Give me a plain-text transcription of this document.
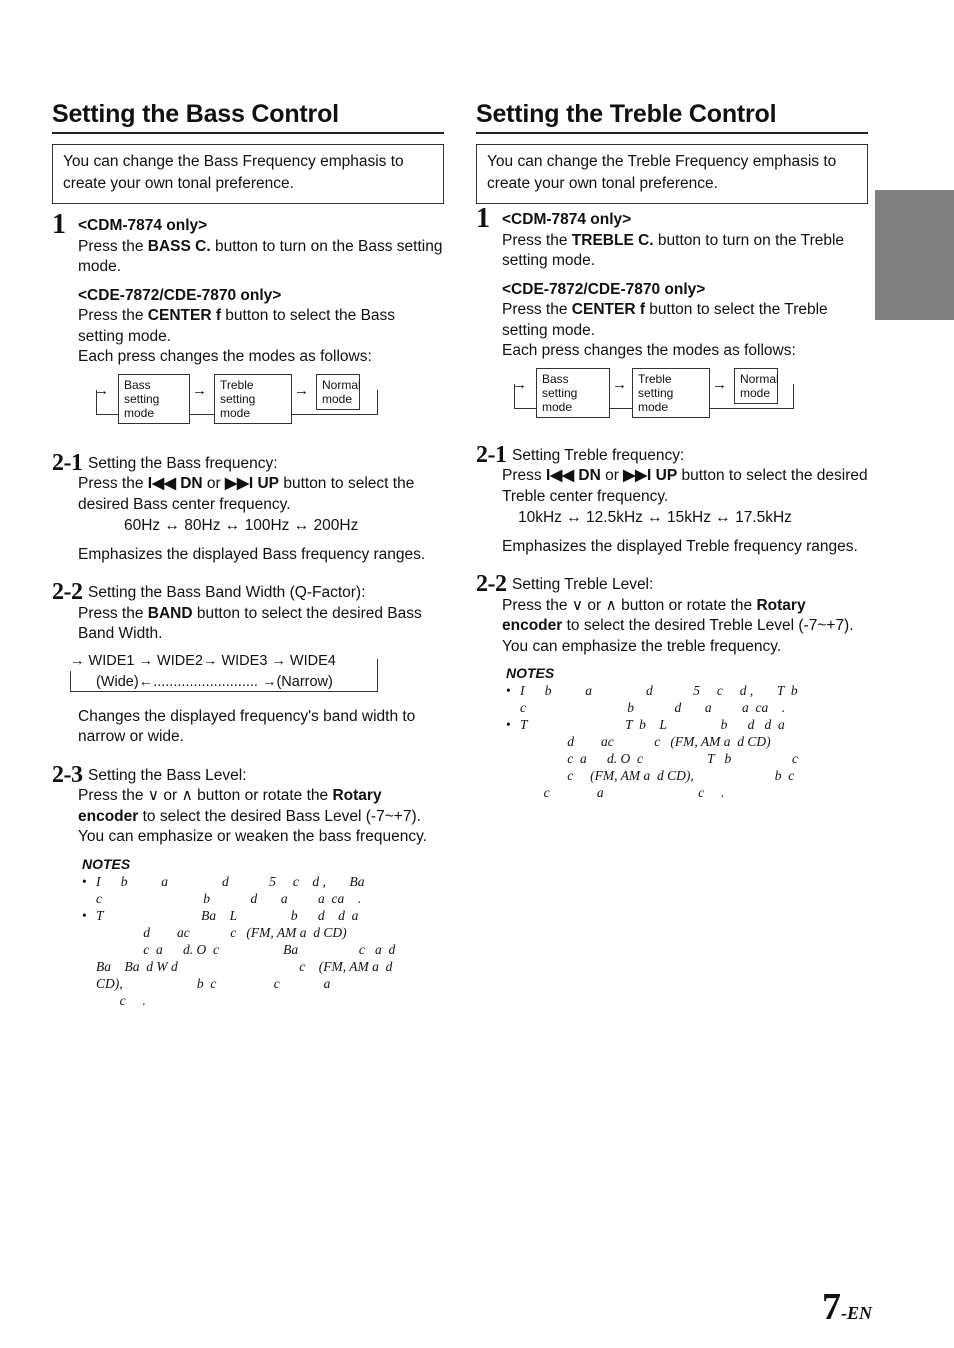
Setting the Bass Control
You can change the Bass Frequency emphasis to create your own tonal preference.
1 <CDM-7874 only>
Press the BASS C. button to turn on the Bass setting mode.
<CDE-7872/CDE-7870 only>
Press the CENTER f button to select the Bass setting mode.
Each press changes the modes as follows:
→	Bass setting mode
→	Treble setting mode
→	Normal mode
2-1 Setting the Bass frequency:
Press the I◀◀ DN or ▶▶I UP button to select the desired Bass center frequency.
60Hz ↔ 80Hz ↔ 100Hz ↔ 200Hz
Emphasizes the displayed Bass frequency ranges.
2-2 Setting the Bass Band Width (Q-Factor):
Press the BAND button to select the desired Bass Band Width.
→ WIDE1 → WIDE2→ WIDE3 → WIDE4
(Wide)←.......................... →(Narrow)
Changes the displayed frequency's band width to narrow or wide.
2-3 Setting the Bass Level:
Press the ∨ or ∧ button or rotate the Rotary encoder to select the desired Bass Level (-7~+7).
You can emphasize or weaken the bass frequency.
NOTES
• I      b          a                d            5     c    d ,       Ba
c                              b            d       a         a  ca    .
• T                             Ba    L                b      d    d  a
d        ac            c   (FM, AM a  d CD)
c  a      d. O  c                   Ba                  c   a  d
Ba    Ba  d W d                                    c    (FM, AM a  d
CD),                      b  c                 c             a
c     .
Setting the Treble Control
You can change the Treble Frequency emphasis to create your own tonal preference.
1 <CDM-7874 only>
Press the TREBLE C. button to turn on the Treble setting mode.
<CDE-7872/CDE-7870 only>
Press the CENTER f button to select the Treble setting mode.
Each press changes the modes as follows:
→	Bass setting mode
→ Treble setting mode
→	Normal mode
2-1 Setting Treble frequency:
Press I◀◀ DN or ▶▶I UP button to select the desired Treble center frequency.
10kHz ↔ 12.5kHz ↔ 15kHz ↔ 17.5kHz
Emphasizes the displayed Treble frequency ranges.
2-2 Setting Treble Level:
Press the ∨ or ∧ button or rotate the Rotary encoder to select the desired Treble Level (-7~+7).
You can emphasize the treble frequency.
NOTES
• I      b          a                d            5     c     d ,       T  b
c                              b            d       a         a  ca    .
• T                             T  b    L                b      d   d  a
d        ac            c   (FM, AM a  d CD)
c  a      d. O  c                   T   b                  c
c     (FM, AM a  d CD),                        b  c
c              a                            c     .
7-EN
